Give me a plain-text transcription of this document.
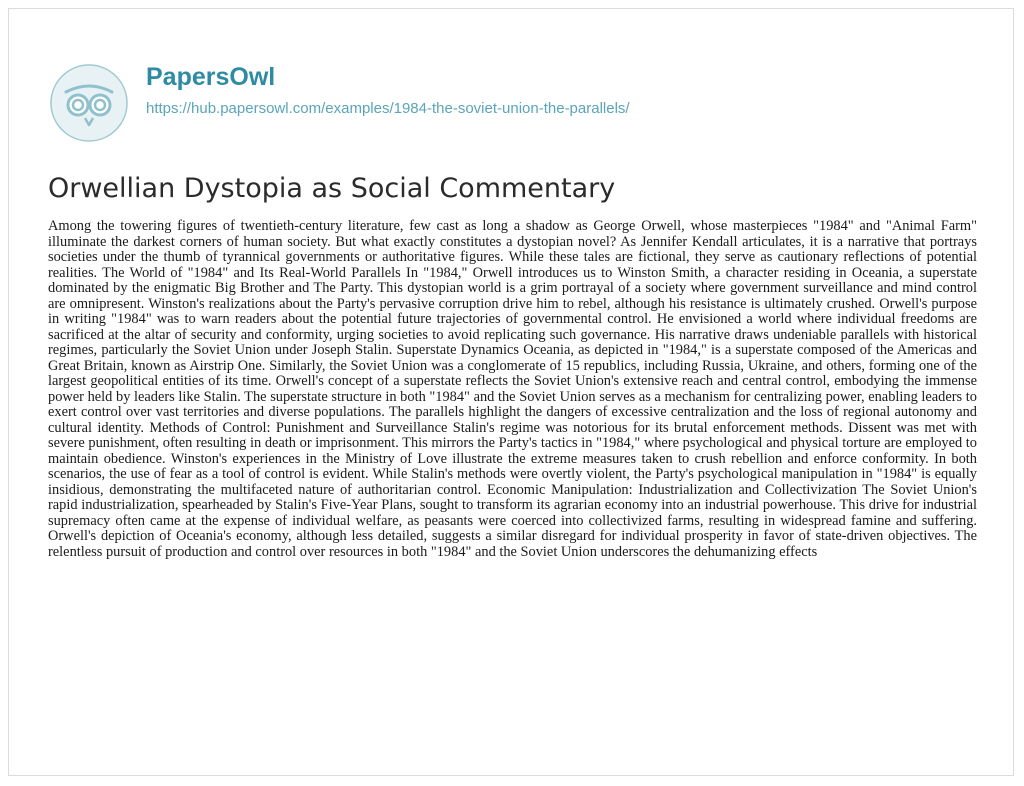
PapersOwl
https://hub.papersowl.com/examples/1984-the-soviet-union-the-parallels/
Orwellian Dystopia as Social Commentary

Among the towering figures of twentieth-century literature, few cast as long a shadow as George Orwell, whose masterpieces "1984" and "Animal Farm" illuminate the darkest corners of human society. But what exactly constitutes a dystopian novel? As Jennifer Kendall articulates, it is a narrative that portrays societies under the thumb of tyrannical governments or authoritative figures. While these tales are fictional, they serve as cautionary reflections of potential realities. The World of "1984" and Its Real-World Parallels In "1984," Orwell introduces us to Winston Smith, a character residing in Oceania, a superstate dominated by the enigmatic Big Brother and The Party. This dystopian world is a grim portrayal of a society where government surveillance and mind control are omnipresent. Winston's realizations about the Party's pervasive corruption drive him to rebel, although his resistance is ultimately crushed. Orwell's purpose in writing "1984" was to warn readers about the potential future trajectories of governmental control. He envisioned a world where individual freedoms are sacrificed at the altar of security and conformity, urging societies to avoid replicating such governance. His narrative draws undeniable parallels with historical regimes, particularly the Soviet Union under Joseph Stalin. Superstate Dynamics Oceania, as depicted in "1984," is a superstate composed of the Americas and Great Britain, known as Airstrip One. Similarly, the Soviet Union was a conglomerate of 15 republics, including Russia, Ukraine, and others, forming one of the largest geopolitical entities of its time. Orwell's concept of a superstate reflects the Soviet Union's extensive reach and central control, embodying the immense power held by leaders like Stalin. The superstate structure in both "1984" and the Soviet Union serves as a mechanism for centralizing power, enabling leaders to exert control over vast territories and diverse populations. The parallels highlight the dangers of excessive centralization and the loss of regional autonomy and cultural identity. Methods of Control: Punishment and Surveillance Stalin's regime was notorious for its brutal enforcement methods. Dissent was met with severe punishment, often resulting in death or imprisonment. This mirrors the Party's tactics in "1984," where psychological and physical torture are employed to maintain obedience. Winston's experiences in the Ministry of Love illustrate the extreme measures taken to crush rebellion and enforce conformity. In both scenarios, the use of fear as a tool of control is evident. While Stalin's methods were overtly violent, the Party's psychological manipulation in "1984" is equally insidious, demonstrating the multifaceted nature of authoritarian control. Economic Manipulation: Industrialization and Collectivization The Soviet Union's rapid industrialization, spearheaded by Stalin's Five-Year Plans, sought to transform its agrarian economy into an industrial powerhouse. This drive for industrial supremacy often came at the expense of individual welfare, as peasants were coerced into collectivized farms, resulting in widespread famine and suffering. Orwell's depiction of Oceania's economy, although less detailed, suggests a similar disregard for individual prosperity in favor of state-driven objectives. The relentless pursuit of production and control over resources in both "1984" and the Soviet Union underscores the dehumanizing effects
